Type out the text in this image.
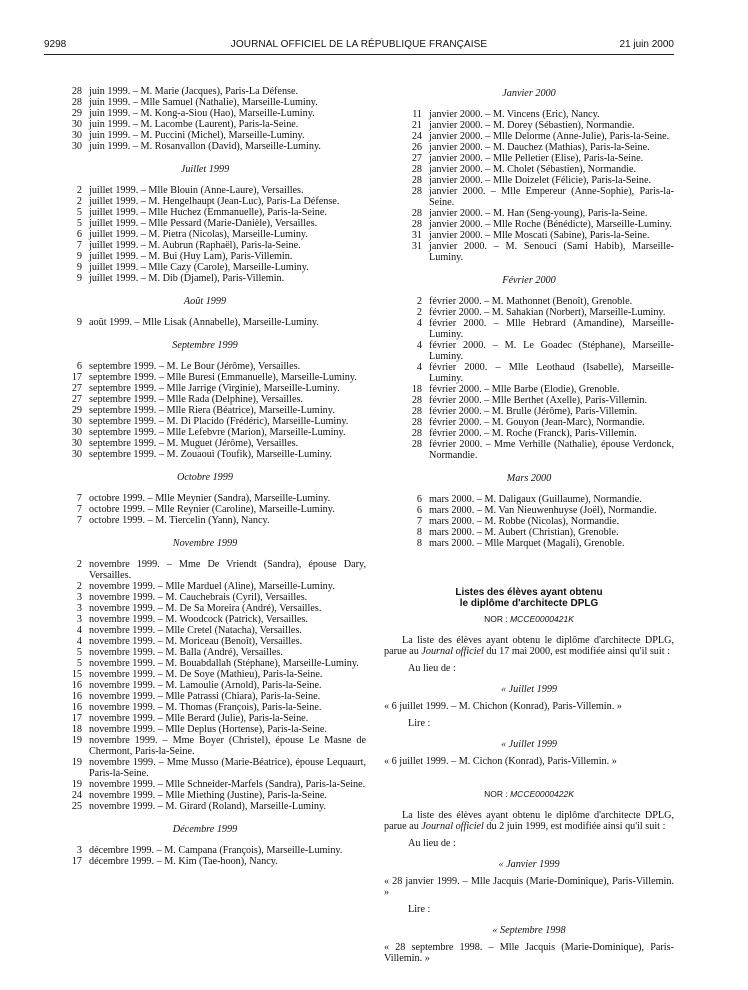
9298	JOURNAL OFFICIEL DE LA RÉPUBLIQUE FRANÇAISE	21 juin 2000
28 juin 1999. – M. Marie (Jacques), Paris-La Défense.
28 juin 1999. – Mlle Samuel (Nathalie), Marseille-Luminy.
29 juin 1999. – M. Kong-a-Siou (Hao), Marseille-Luminy.
30 juin 1999. – M. Lacombe (Laurent), Paris-la-Seine.
30 juin 1999. – M. Puccini (Michel), Marseille-Luminy.
30 juin 1999. – M. Rosanvallon (David), Marseille-Luminy.
Juillet 1999
2 juillet 1999. – Mlle Blouin (Anne-Laure), Versailles.
2 juillet 1999. – M. Hengelhaupt (Jean-Luc), Paris-La Défense.
5 juillet 1999. – Mlle Huchez (Emmanuelle), Paris-la-Seine.
5 juillet 1999. – Mlle Pessard (Marie-Danièle), Versailles.
6 juillet 1999. – M. Pietra (Nicolas), Marseille-Luminy.
7 juillet 1999. – M. Aubrun (Raphaël), Paris-la-Seine.
9 juillet 1999. – M. Bui (Huy Lam), Paris-Villemin.
9 juillet 1999. – Mlle Cazy (Carole), Marseille-Luminy.
9 juillet 1999. – M. Dib (Djamel), Paris-Villemin.
Août 1999
9 août 1999. – Mlle Lisak (Annabelle), Marseille-Luminy.
Septembre 1999
6 septembre 1999. – M. Le Bour (Jérôme), Versailles.
17 septembre 1999. – Mlle Buresi (Emmanuelle), Marseille-Luminy.
27 septembre 1999. – Mlle Jarrige (Virginie), Marseille-Luminy.
27 septembre 1999. – Mlle Rada (Delphine), Versailles.
29 septembre 1999. – Mlle Riera (Béatrice), Marseille-Luminy.
30 septembre 1999. – M. Di Placido (Frédéric), Marseille-Luminy.
30 septembre 1999. – Mlle Lefebvre (Marion), Marseille-Luminy.
30 septembre 1999. – M. Muguet (Jérôme), Versailles.
30 septembre 1999. – M. Zouaoui (Toufik), Marseille-Luminy.
Octobre 1999
7 octobre 1999. – Mlle Meynier (Sandra), Marseille-Luminy.
7 octobre 1999. – Mlle Reynier (Caroline), Marseille-Luminy.
7 octobre 1999. – M. Tiercelin (Yann), Nancy.
Novembre 1999
2 novembre 1999. – Mme De Vriendt (Sandra), épouse Dary, Versailles.
2 novembre 1999. – Mlle Marduel (Aline), Marseille-Luminy.
3 novembre 1999. – M. Cauchebrais (Cyril), Versailles.
3 novembre 1999. – M. De Sa Moreira (André), Versailles.
3 novembre 1999. – M. Woodcock (Patrick), Versailles.
4 novembre 1999. – Mlle Cretel (Natacha), Versailles.
4 novembre 1999. – M. Moriceau (Benoît), Versailles.
5 novembre 1999. – M. Balla (André), Versailles.
5 novembre 1999. – M. Bouabdallah (Stéphane), Marseille-Luminy.
15 novembre 1999. – M. De Soye (Mathieu), Paris-la-Seine.
16 novembre 1999. – M. Lamoulie (Arnold), Paris-la-Seine.
16 novembre 1999. – Mlle Patrassi (Chiara), Paris-la-Seine.
16 novembre 1999. – M. Thomas (François), Paris-la-Seine.
17 novembre 1999. – Mlle Berard (Julie), Paris-la-Seine.
18 novembre 1999. – Mlle Deplus (Hortense), Paris-la-Seine.
19 novembre 1999. – Mme Boyer (Christel), épouse Le Masne de Chermont, Paris-la-Seine.
19 novembre 1999. – Mme Musso (Marie-Béatrice), épouse Lequaurt, Paris-la-Seine.
19 novembre 1999. – Mlle Schneider-Marfels (Sandra), Paris-la-Seine.
24 novembre 1999. – Mlle Miething (Justine), Paris-la-Seine.
25 novembre 1999. – M. Girard (Roland), Marseille-Luminy.
Décembre 1999
3 décembre 1999. – M. Campana (François), Marseille-Luminy.
17 décembre 1999. – M. Kim (Tae-hoon), Nancy.
Janvier 2000
11 janvier 2000. – M. Vincens (Eric), Nancy.
21 janvier 2000. – M. Dorey (Sébastien), Normandie.
24 janvier 2000. – Mlle Delorme (Anne-Julie), Paris-la-Seine.
26 janvier 2000. – M. Dauchez (Mathias), Paris-la-Seine.
27 janvier 2000. – Mlle Pelletier (Elise), Paris-la-Seine.
28 janvier 2000. – M. Cholet (Sébastien), Normandie.
28 janvier 2000. – Mlle Doizelet (Félicie), Paris-la-Seine.
28 janvier 2000. – Mlle Empereur (Anne-Sophie), Paris-la-Seine.
28 janvier 2000. – M. Han (Seng-young), Paris-la-Seine.
28 janvier 2000. – Mlle Roche (Bénédicte), Marseille-Luminy.
31 janvier 2000. – Mlle Moscati (Sabine), Paris-la-Seine.
31 janvier 2000. – M. Senouci (Sami Habib), Marseille-Luminy.
Février 2000
2 février 2000. – M. Mathonnet (Benoît), Grenoble.
2 février 2000. – M. Sahakian (Norbert), Marseille-Luminy.
4 février 2000. – Mlle Hebrard (Amandine), Marseille-Luminy.
4 février 2000. – M. Le Goadec (Stéphane), Marseille-Luminy.
4 février 2000. – Mlle Leothaud (Isabelle), Marseille-Luminy.
18 février 2000. – Mlle Barbe (Elodie), Grenoble.
28 février 2000. – Mlle Berthet (Axelle), Paris-Villemin.
28 février 2000. – M. Brulle (Jérôme), Paris-Villemin.
28 février 2000. – M. Gouyon (Jean-Marc), Normandie.
28 février 2000. – M. Roche (Franck), Paris-Villemin.
28 février 2000. – Mme Verhille (Nathalie), épouse Verdonck, Normandie.
Mars 2000
6 mars 2000. – M. Daligaux (Guillaume), Normandie.
6 mars 2000. – M. Van Nieuwenhuyse (Joël), Normandie.
7 mars 2000. – M. Robbe (Nicolas), Normandie.
8 mars 2000. – M. Aubert (Christian), Grenoble.
8 mars 2000. – Mlle Marquet (Magali), Grenoble.
Listes des élèves ayant obtenu
le diplôme d'architecte DPLG
NOR : MCCE0000421K

La liste des élèves ayant obtenu le diplôme d'architecte DPLG, parue au Journal officiel du 17 mai 2000, est modifiée ainsi qu'il suit :

Au lieu de :
« Juillet 1999
« 6 juillet 1999. – M. Chichon (Konrad), Paris-Villemin. »
Lire :
« Juillet 1999
« 6 juillet 1999. – M. Cichon (Konrad), Paris-Villemin. »
NOR : MCCE0000422K

La liste des élèves ayant obtenu le diplôme d'architecte DPLG, parue au Journal officiel du 2 juin 1999, est modifiée ainsi qu'il suit :

Au lieu de :
« Janvier 1999
« 28 janvier 1999. – Mlle Jacquis (Marie-Dominique), Paris-Villemin. »
Lire :
« Septembre 1998
« 28 septembre 1998. – Mlle Jacquis (Marie-Dominique), Paris-Villemin. »
